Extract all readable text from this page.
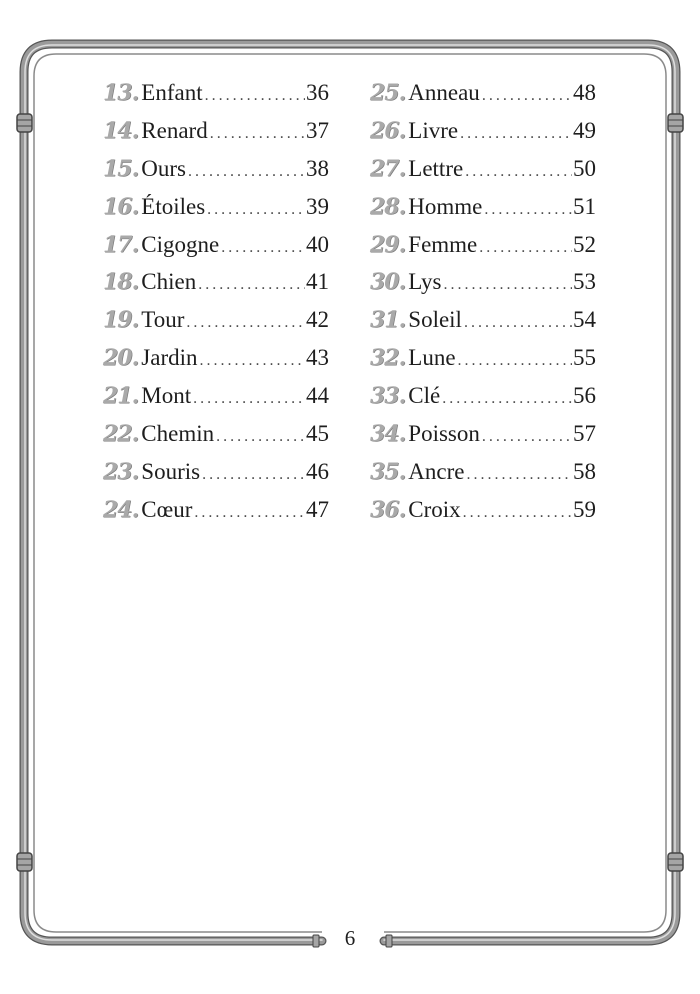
13. Enfant .....	36
14. Renard .....	37
15. Ours .....	38
16. Étoiles .....	39
17. Cigogne .....	40
18. Chien .....	41
19. Tour .....	42
20. Jardin .....	43
21. Mont .....	44
22. Chemin .....	45
23. Souris .....	46
24. Cœur .....	47
25. Anneau .....	48
26. Livre .....	49
27. Lettre .....	50
28. Homme .....	51
29. Femme .....	52
30. Lys .....	53
31. Soleil .....	54
32. Lune .....	55
33. Clé .....	56
34. Poisson .....	57
35. Ancre .....	58
36. Croix .....	59
6
